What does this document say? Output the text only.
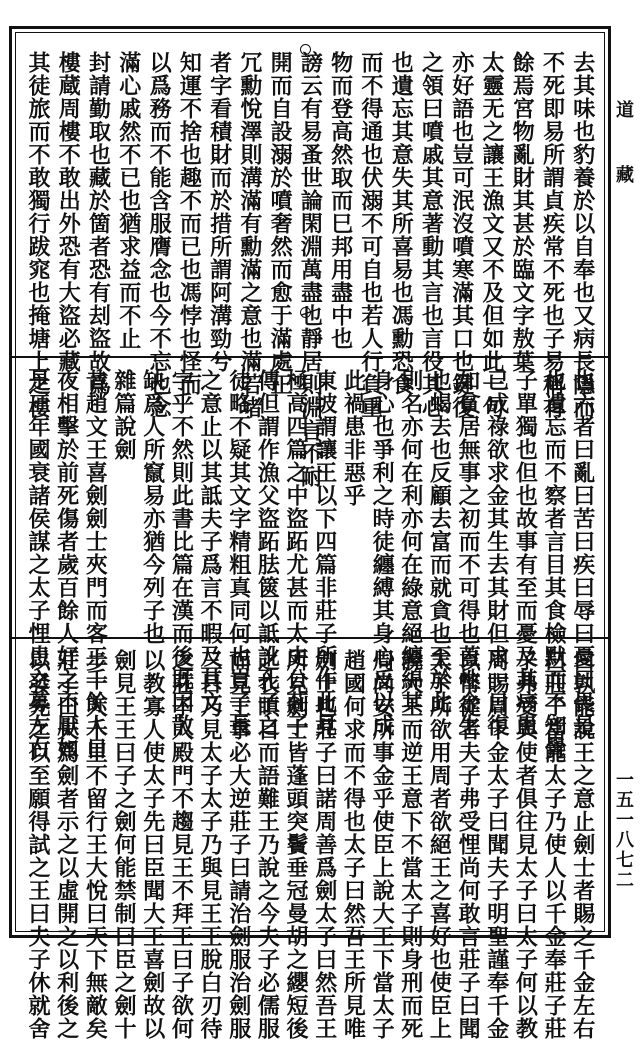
去其味也豹養於以自奉也又病長隱而
不死即易所謂貞疾常不死也子易稱有
餘焉宮物亂財其甚於臨文字敖葉
太靈无之讓王漁文又不及但如此一句
亦好語也豈可泯沒噴寒滿其口也鍵復
之領曰噴戚其意著動其言也言役其心
也遺忘其意失其所喜易也馮勳恐食
而不得通也伏溺不可自也若人行負重
物而登高然取而巳邦用盡中也
謗云有易蚤世論閑淵萬盡也靜居則淵言不耐
開而自設溺於噴奢然而愈于滿處正
冗勳悅澤則溝滿有勳滿之意也滿若堵
者字看積財而於措所謂阿溝勁兮
知運不捨也趣不而已也馮悖也怪而
以爲務而不能含服膺念也今不忘也念
滿心戚然不已也猶求益而不止
封請勤取也藏於箇者恐有刦盜故爲
樓蔵周樓不敢出外恐有大盜必藏
其徒旅而不敢獨行跋窕也掩塘上之樓
也六者曰亂曰苦曰疾曰辱曰憂曰畏是
也遺忘而不察者言目其食檢默而不知覺
子單獨也但也故事有至而憂及其病患
已成祿欲求金其生去其財但求一日復
如貧居無事之初而不可得也蓋性金生
也蝎去也反顧去富而就貪也至於此
則名亦何在利亦何在綠意絕纏綿其
身心也爭利之時徒纏縛其身心反以成
此禍患非惡乎
東坡謂讓王以下四篇非莊子所作此見
極高四篇之中盜跖尤甚而太史公莊子
傳但謂作漁父盜跖胠篋以詆訛孔子之
徒略不疑其文字精粗真同何也豈子長
之意止以其詆夫子爲言不暇及其文
字乎不然則此書比篇在漢而後既因散
缺爲人所竄易亦猶今列子也
雜篇說劍
昔趙文王喜劍劍士夾門而客三千餘人日
夜相擊於前死傷者歲百餘人好之不厭如
是三年國衰諸侯謀之太子悝患之募左右
曰孰能說王之意止劍士者賜之千金左右
曰莊子當能太子乃使人以千金奉莊子莊
子弗受與使者俱往見太子曰太子何以教
周賜周千金太子曰聞夫子明聖謹奉千金
以幣從者夫子弗受悝尚何敢言莊子曰聞
太子所欲用周者欲絕王之喜好也使臣上
說大王而逆王意下不當太子則身刑而死
周尚安所事金乎使臣上說大王下當太子
趙國何求而不得也太子曰然吾王所見唯
劍士也莊子曰諾周善爲劍太子曰然吾王
所見劍士皆蓬頭突鬢垂冠曼胡之纓短後
之衣瞋目而語難王乃說之今夫子必儒服
而見王事必大逆莊子曰請治劍服治劍服
三日乃見太子太子乃與見王王脫白刃待
之莊子入殿門不趨見王不拜王曰子欲何
以教寡人使太子先曰臣聞大王喜劍故以
劍見王王曰子之劍何能禁制曰臣之劍十
步一人千里不留行王大悅曰天下無敵矣
莊子曰夫爲劍者示之以虛開之以利後之
以發先之以至願得試之王曰夫子休就舍
道
藏
一五一八七二
